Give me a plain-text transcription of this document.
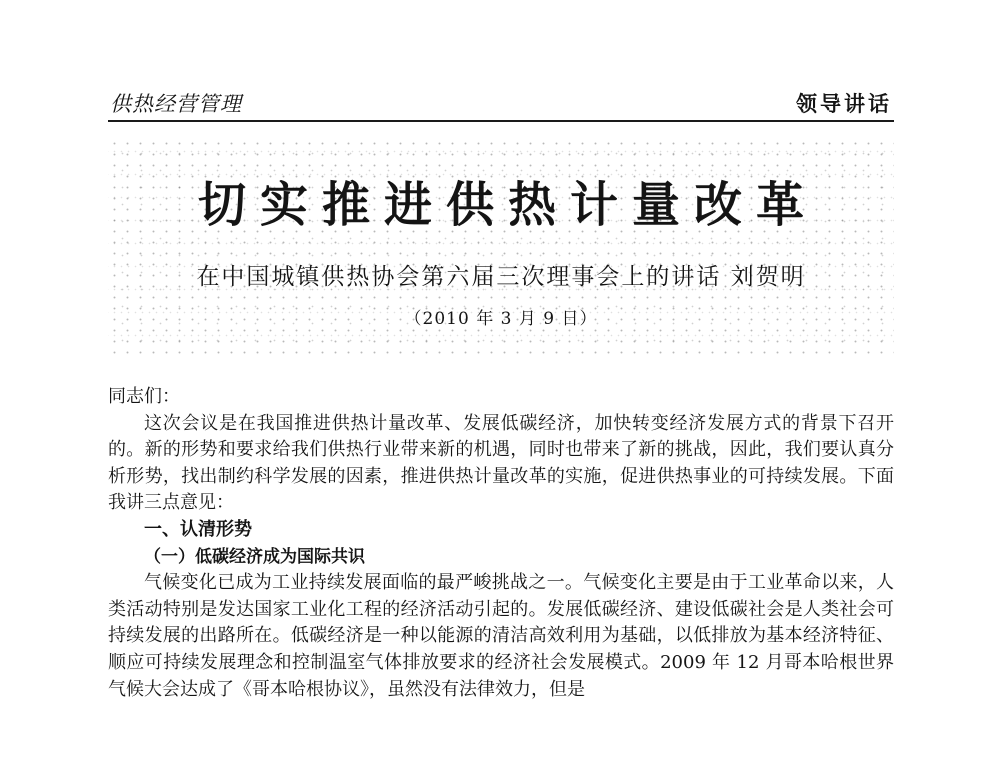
供热经营管理	领导讲话
切实推进供热计量改革
在中国城镇供热协会第六届三次理事会上的讲话 刘贺明
（2010 年 3 月 9 日）

同志们：

这次会议是在我国推进供热计量改革、发展低碳经济，加快转变经济发展方式的背景下召开的。新的形势和要求给我们供热行业带来新的机遇，同时也带来了新的挑战，因此，我们要认真分析形势，找出制约科学发展的因素，推进供热计量改革的实施，促进供热事业的可持续发展。下面我讲三点意见：

一、认清形势

（一）低碳经济成为国际共识

气候变化已成为工业持续发展面临的最严峻挑战之一。气候变化主要是由于工业革命以来，人类活动特别是发达国家工业化工程的经济活动引起的。发展低碳经济、建设低碳社会是人类社会可持续发展的出路所在。低碳经济是一种以能源的清洁高效利用为基础，以低排放为基本经济特征、顺应可持续发展理念和控制温室气体排放要求的经济社会发展模式。2009 年 12 月哥本哈根世界气候大会达成了《哥本哈根协议》，虽然没有法律效力，但是
